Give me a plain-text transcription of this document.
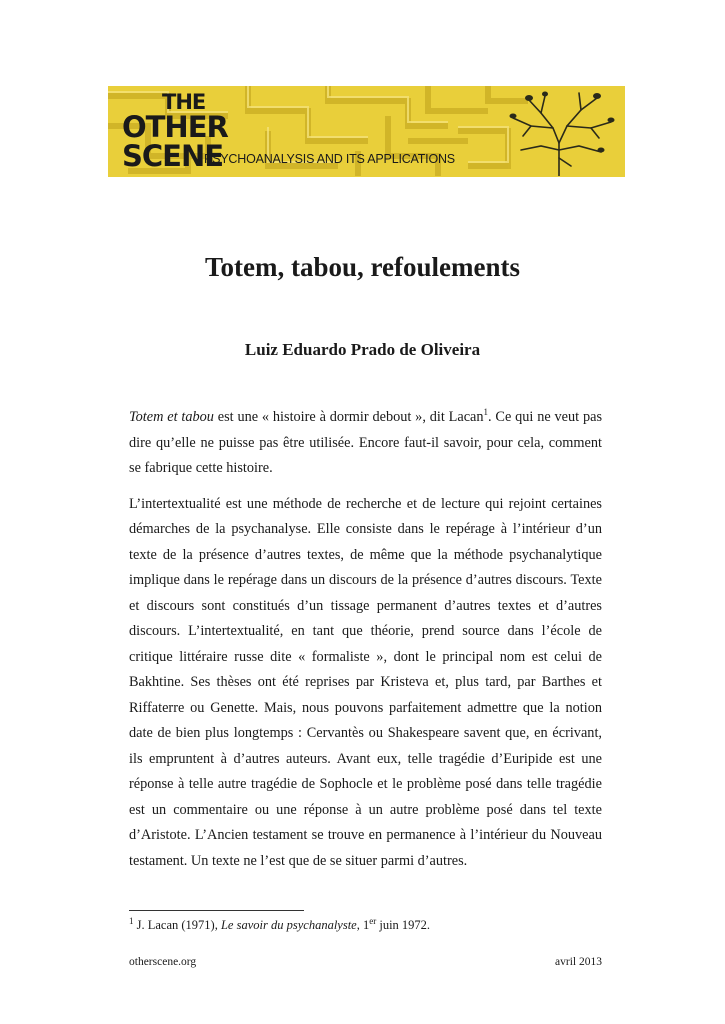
THE
OTHER
SCENE
PSYCHOANALYSIS AND ITS APPLICATIONS
Totem, tabou, refoulements
Luiz Eduardo Prado de Oliveira

Totem et tabou est une « histoire à dormir debout », dit Lacan$^1$. Ce qui ne veut pas dire qu’elle ne puisse pas être utilisée. Encore faut-il savoir, pour cela, comment se fabrique cette histoire.

L’intertextualité est une méthode de recherche et de lecture qui rejoint certaines démarches de la psychanalyse. Elle consiste dans le repérage à l’intérieur d’un texte de la présence d’autres textes, de même que la méthode psychanalytique implique dans le repérage dans un discours de la présence d’autres discours. Texte et discours sont constitués d’un tissage permanent d’autres textes et d’autres discours. L’intertextualité, en tant que théorie, prend source dans l’école de critique littéraire russe dite « formaliste », dont le principal nom est celui de Bakhtine. Ses thèses ont été reprises par Kristeva et, plus tard, par Barthes et Riffaterre ou Genette. Mais, nous pouvons parfaitement admettre que la notion date de bien plus longtemps : Cervantès ou Shakespeare savent que, en écrivant, ils empruntent à d’autres auteurs. Avant eux, telle tragédie d’Euripide est une réponse à telle autre tragédie de Sophocle et le problème posé dans telle tragédie est un commentaire ou une réponse à un autre problème posé dans tel texte d’Aristote. L’Ancien testament se trouve en permanence à l’intérieur du Nouveau testament. Un texte ne l’est que de se situer parmi d’autres.

$^1$ J. Lacan (1971), Le savoir du psychanalyste, 1er juin 1972.
otherscene.org	avril 2013
